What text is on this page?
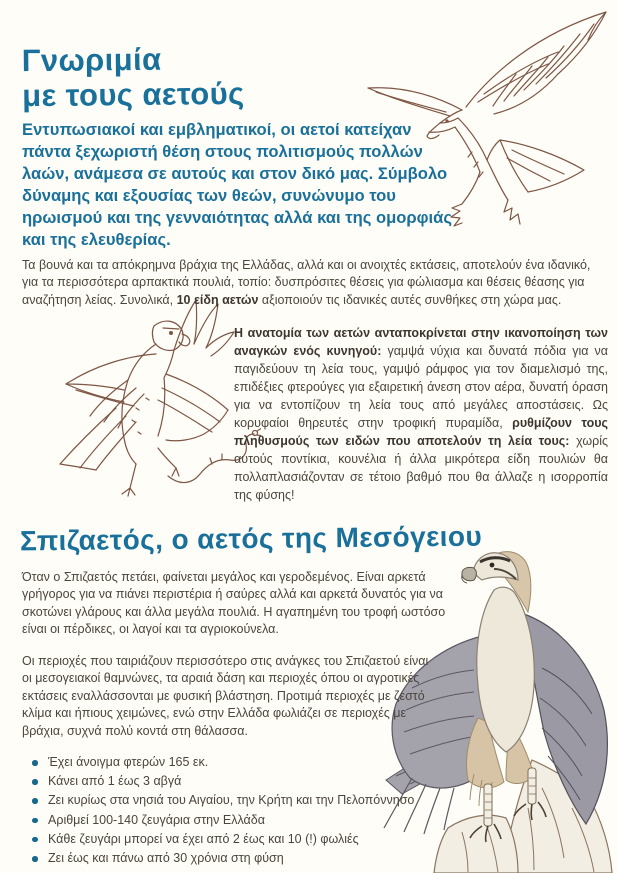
Γνωριμία
με τους αετούς

Εντυπωσιακοί και εμβληματικοί, οι αετοί κατείχαν πάντα ξεχωριστή θέση στους πολιτισμούς πολλών λαών, ανάμεσα σε αυτούς και στον δικό μας. Σύμβολο δύναμης και εξουσίας των θεών, συνώνυμο του ηρωισμού και της γενναιότητας αλλά και της ομορφιάς και της ελευθερίας.

Τα βουνά και τα απόκρημνα βράχια της Ελλάδας, αλλά και οι ανοιχτές εκτάσεις, αποτελούν ένα ιδανικό, για τα περισσότερα αρπακτικά πουλιά, τοπίο: δυσπρόσιτες θέσεις για φώλιασμα και θέσεις θέασης για αναζήτηση λείας. Συνολικά, 10 είδη αετών αξιοποιούν τις ιδανικές αυτές συνθήκες στη χώρα μας.

Η ανατομία των αετών ανταποκρίνεται στην ικανοποίηση των αναγκών ενός κυνηγού: γαμψά νύχια και δυνατά πόδια για να παγιδεύουν τη λεία τους, γαμψό ράμφος για τον διαμελισμό της, επιδέξιες φτερούγες για εξαιρετική άνεση στον αέρα, δυνατή όραση για να εντοπίζουν τη λεία τους από μεγάλες αποστάσεις. Ως κορυφαίοι θηρευτές στην τροφική πυραμίδα, ρυθμίζουν τους πληθυσμούς των ειδών που αποτελούν τη λεία τους: χωρίς αυτούς ποντίκια, κουνέλια ή άλλα μικρότερα είδη πουλιών θα πολλαπλασιάζονταν σε τέτοιο βαθμό που θα άλλαζε η ισορροπία της φύσης!

Σπιζαετός, ο αετός της Μεσόγειου

Όταν ο Σπιζαετός πετάει, φαίνεται μεγάλος και γεροδεμένος. Είναι αρκετά γρήγορος για να πιάνει περιστέρια ή σαύρες αλλά και αρκετά δυνατός για να σκοτώνει γλάρους και άλλα μεγάλα πουλιά. Η αγαπημένη του τροφή ωστόσο είναι οι πέρδικες, οι λαγοί και τα αγριοκούνελα.

Οι περιοχές που ταιριάζουν περισσότερο στις ανάγκες του Σπιζαετού είναι οι μεσογειακοί θαμνώνες, τα αραιά δάση και περιοχές όπου οι αγροτικές εκτάσεις εναλλάσσονται με φυσική βλάστηση. Προτιμά περιοχές με ζεστό κλίμα και ήπιους χειμώνες, ενώ στην Ελλάδα φωλιάζει σε περιοχές με βράχια, συχνά πολύ κοντά στη θάλασσα.

Έχει άνοιγμα φτερών 165 εκ.
Κάνει από 1 έως 3 αβγά
Ζει κυρίως στα νησιά του Αιγαίου, την Κρήτη και την Πελοπόννησο
Αριθμεί 100-140 ζευγάρια στην Ελλάδα
Κάθε ζευγάρι μπορεί να έχει από 2 έως και 10 (!) φωλιές
Ζει έως και πάνω από 30 χρόνια στη φύση
